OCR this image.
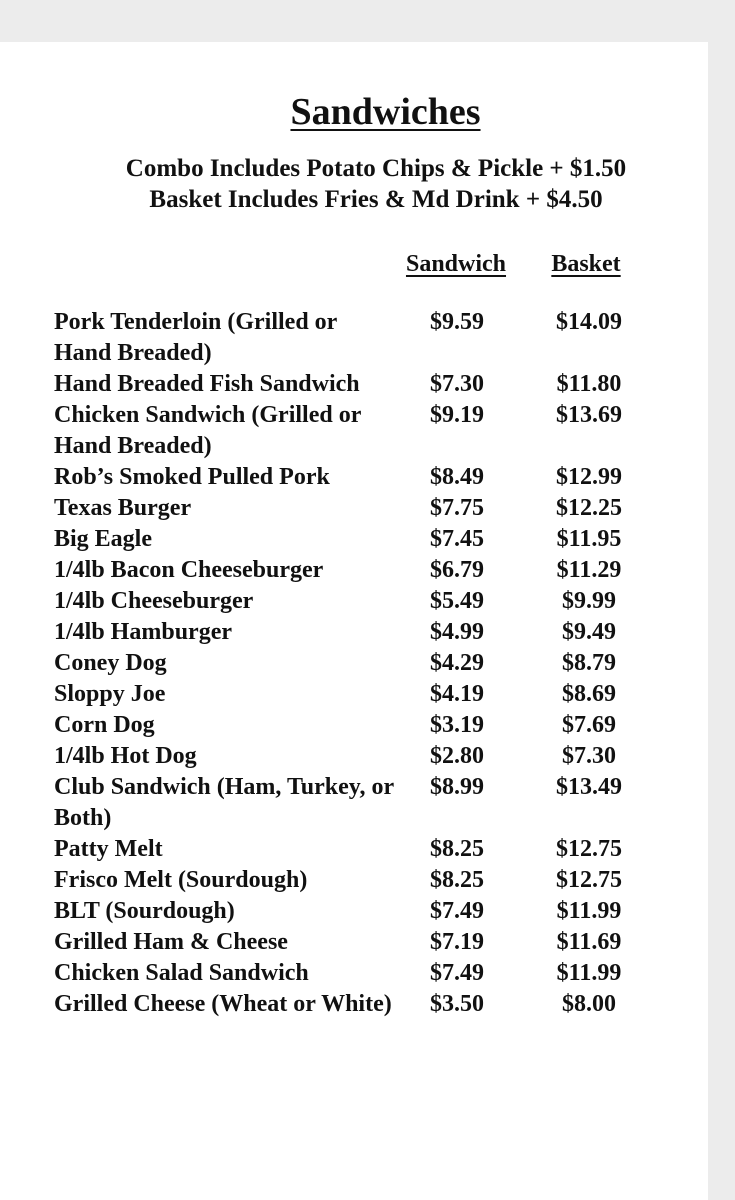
Sandwiches

Combo Includes Potato Chips & Pickle + $1.50

Basket Includes Fries & Md Drink + $4.50

Sandwich	Basket
Pork Tenderloin (Grilled or Hand Breaded)
$9.59	$14.09
Hand Breaded Fish Sandwich	$7.30	$11.80
Chicken Sandwich (Grilled or Hand Breaded)
$9.19	$13.69
Rob’s Smoked Pulled Pork	$8.49	$12.99
Texas Burger	$7.75	$12.25
Big Eagle	$7.45	$11.95
1/4lb Bacon Cheeseburger	$6.79	$11.29
1/4lb Cheeseburger	$5.49	$9.99
1/4lb Hamburger	$4.99	$9.49
Coney Dog	$4.29	$8.79
Sloppy Joe	$4.19	$8.69
Corn Dog	$3.19	$7.69
1/4lb Hot Dog	$2.80	$7.30
Club Sandwich (Ham, Turkey, or Both)
$8.99	$13.49
Patty Melt	$8.25	$12.75
Frisco Melt (Sourdough)	$8.25	$12.75
BLT (Sourdough)	$7.49	$11.99
Grilled Ham & Cheese	$7.19	$11.69
Chicken Salad Sandwich	$7.49	$11.99
Grilled Cheese (Wheat or White)	$3.50	$8.00
